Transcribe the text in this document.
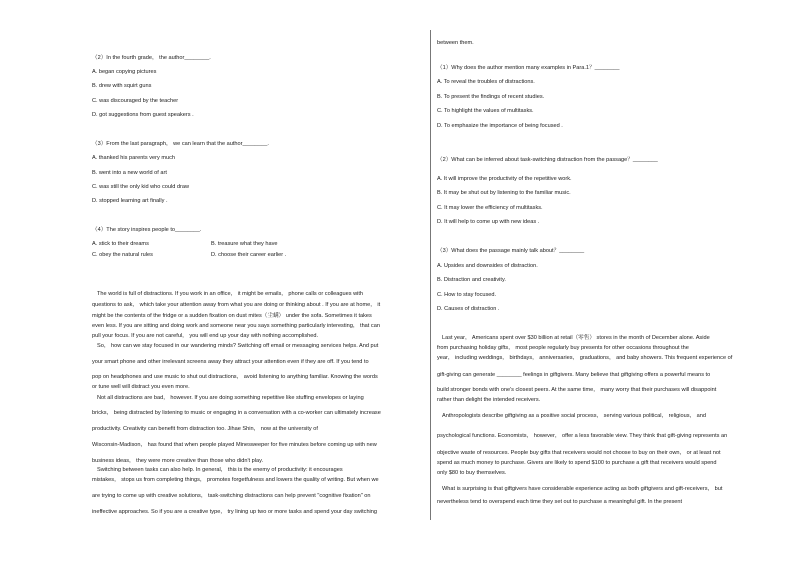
（2）In the fourth grade， the author________.
A. began copying pictures
B. drew with squirt guns
C. was discouraged by the teacher
D. got suggestions from guest speakers .
（3）From the last paragraph， we can learn that the author________.
A. thanked his parents very much
B. went into a new world of art
C. was still the only kid who could draw
D. stopped learning art finally .
（4）The story inspires people to________.
A. stick to their dreams	B. treasure what they have
C. obey the natural rules	D. choose their career earlier .
The world is full of distractions. If you work in an office， it might be emails， phone calls or colleagues with
questions to ask， which take your attention away from what you are doing or thinking about . If you are at home， it
might be the contents of the fridge or a sudden fixation on dust mites（尘螨） under the sofa. Sometimes it takes
even less. If you are sitting and doing work and someone near you says something particularly interesting， that can
pull your focus. If you are not careful， you will end up your day with nothing accomplished.
So， how can we stay focused in our wandering minds? Switching off email or messaging services helps. And put
your smart phone and other irrelevant screens away they attract your attention even if they are off. If you tend to
pop on headphones and use music to shut out distractions， avoid listening to anything familiar. Knowing the words
or tune well will distract you even more.
Not all distractions are bad， however. If you are doing something repetitive like stuffing envelopes or laying
bricks， being distracted by listening to music or engaging in a conversation with a co-worker can ultimately increase
productivity. Creativity can benefit from distraction too. Jihae Shin， now at the university of
Wisconsin-Madison， has found that when people played Minesweeper for five minutes before coming up with new
business ideas， they were more creative than those who didn't play.
Switching between tasks can also help. In general， this is the enemy of productivity: it encourages
mistakes， stops us from completing things， promotes forgetfulness and lowers the quality of writing. But when we
are trying to come up with creative solutions， task-switching distractions can help prevent "cognitive fixation" on
ineffective approaches. So if you are a creative type， try lining up two or more tasks and spend your day switching
between them.
（1）Why does the author mention many examples in Para.1？________
A. To reveal the troubles of distractions.
B. To present the findings of recent studies.
C. To highlight the values of multitasks.
D. To emphasize the importance of being focused .
（2）What can be inferred about task-switching distraction from the passage？________
A. It will improve the productivity of the repetitive work.
B. It may be shut out by listening to the familiar music.
C. It may lower the efficiency of multitasks.
D. It will help to come up with new ideas .
（3）What does the passage mainly talk about？________
A. Upsides and downsides of distraction.
B. Distraction and creativity.
C. How to stay focused.
D. Causes of distraction .
Last year， Americans spent over $30 billion at retail（零售） stores in the month of December alone. Aside
from purchasing holiday gifts， most people regularly buy presents for other occasions throughout the
year， including weddings， birthdays， anniversaries， graduations， and baby showers. This frequent experience of
gift-giving can generate ________ feelings in giftgivers. Many believe that giftgiving offers a powerful means to
build stronger bonds with one's closest peers. At the same time， many worry that their purchases will disappoint
rather than delight the intended receivers.
Anthropologists describe giftgiving as a positive social process， serving various political， religious， and
psychological functions. Economists， however， offer a less favorable view. They think that gift-giving represents an
objective waste of resources. People buy gifts that receivers would not choose to buy on their own， or at least not
spend as much money to purchase. Givers are likely to spend $100 to purchase a gift that receivers would spend
only $80 to buy themselves.
What is surprising is that giftgivers have considerable experience acting as both giftgivers and gift-receivers， but
nevertheless tend to overspend each time they set out to purchase a meaningful gift. In the present
